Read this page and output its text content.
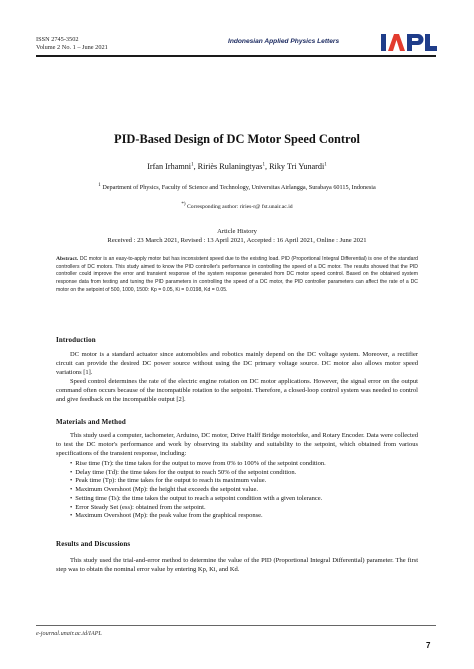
ISSN 2745-3502
Volume 2 No. 1 – June 2021
Indonesian Applied Physics Letters
PID-Based Design of DC Motor Speed Control
Irfan Irhamni$^1$, Ririès Rulaningtyas$^1$, Riky Tri Yunardi$^1$
$^1$ Department of Physics, Faculty of Science and Technology, Universitas Airlangga, Surabaya 60115, Indonesia
*) Corresponding author: riries-r@ fst.unair.ac.id
Article History
Received : 23 March 2021, Revised : 13 April 2021, Accepted : 16 April 2021, Online : June 2021
Abstract. DC motor is an easy-to-apply motor but has inconsistent speed due to the existing load. PID (Proportional Integral Differential) is one of the standard controllers of DC motors. This study aimed to know the PID controller's performance in controlling the speed of a DC motor. The results showed that the PID controller could improve the error and transient response of the system response generated from DC motor speed control. Based on the obtained system response data from testing and tuning the PID parameters in controlling the speed of a DC motor, the PID controller parameters can affect the rate of a DC motor on the setpoint of 500, 1000, 1500: Kp = 0.05, Ki = 0.0198, Kd = 0.05.
Introduction

DC motor is a standard actuator since automobiles and robotics mainly depend on the DC voltage system. Moreover, a rectifier circuit can provide the desired DC power source without using the DC primary voltage source. DC motor also allows motor speed variations [1].

Speed control determines the rate of the electric engine rotation on DC motor applications. However, the signal error on the output command often occurs because of the incompatible rotation to the setpoint. Therefore, a closed-loop control system was needed to control and give feedback on the incompatible output [2].

Materials and Method

This study used a computer, tachometer, Arduino, DC motor, Drive Halff Bridge motorbike, and Rotary Encoder. Data were collected to test the DC motor's performance and work by observing its stability and suitability to the setpoint, which obtained from various specifications of the transient response, including:

• Rise time (Tr): the time takes for the output to move from 0% to 100% of the setpoint condition.
• Delay time (Td): the time takes for the output to reach 50% of the setpoint condition.
• Peak time (Tp): the time takes for the output to reach its maximum value.
• Maximum Overshoot (Mp): the height that exceeds the setpoint value.
• Setting time (Ts): the time takes the output to reach a setpoint condition with a given tolerance.
• Error Steady Set (ess): obtained from the setpoint.
• Maximum Overshoot (Mp): the peak value from the graphical response.
Results and Discussions

This study used the trial-and-error method to determine the value of the PID (Proportional Integral Differential) parameter. The first step was to obtain the nominal error value by entering Kp, Ki, and Kd.

e-journal.unair.ac.id/IAPL
7
